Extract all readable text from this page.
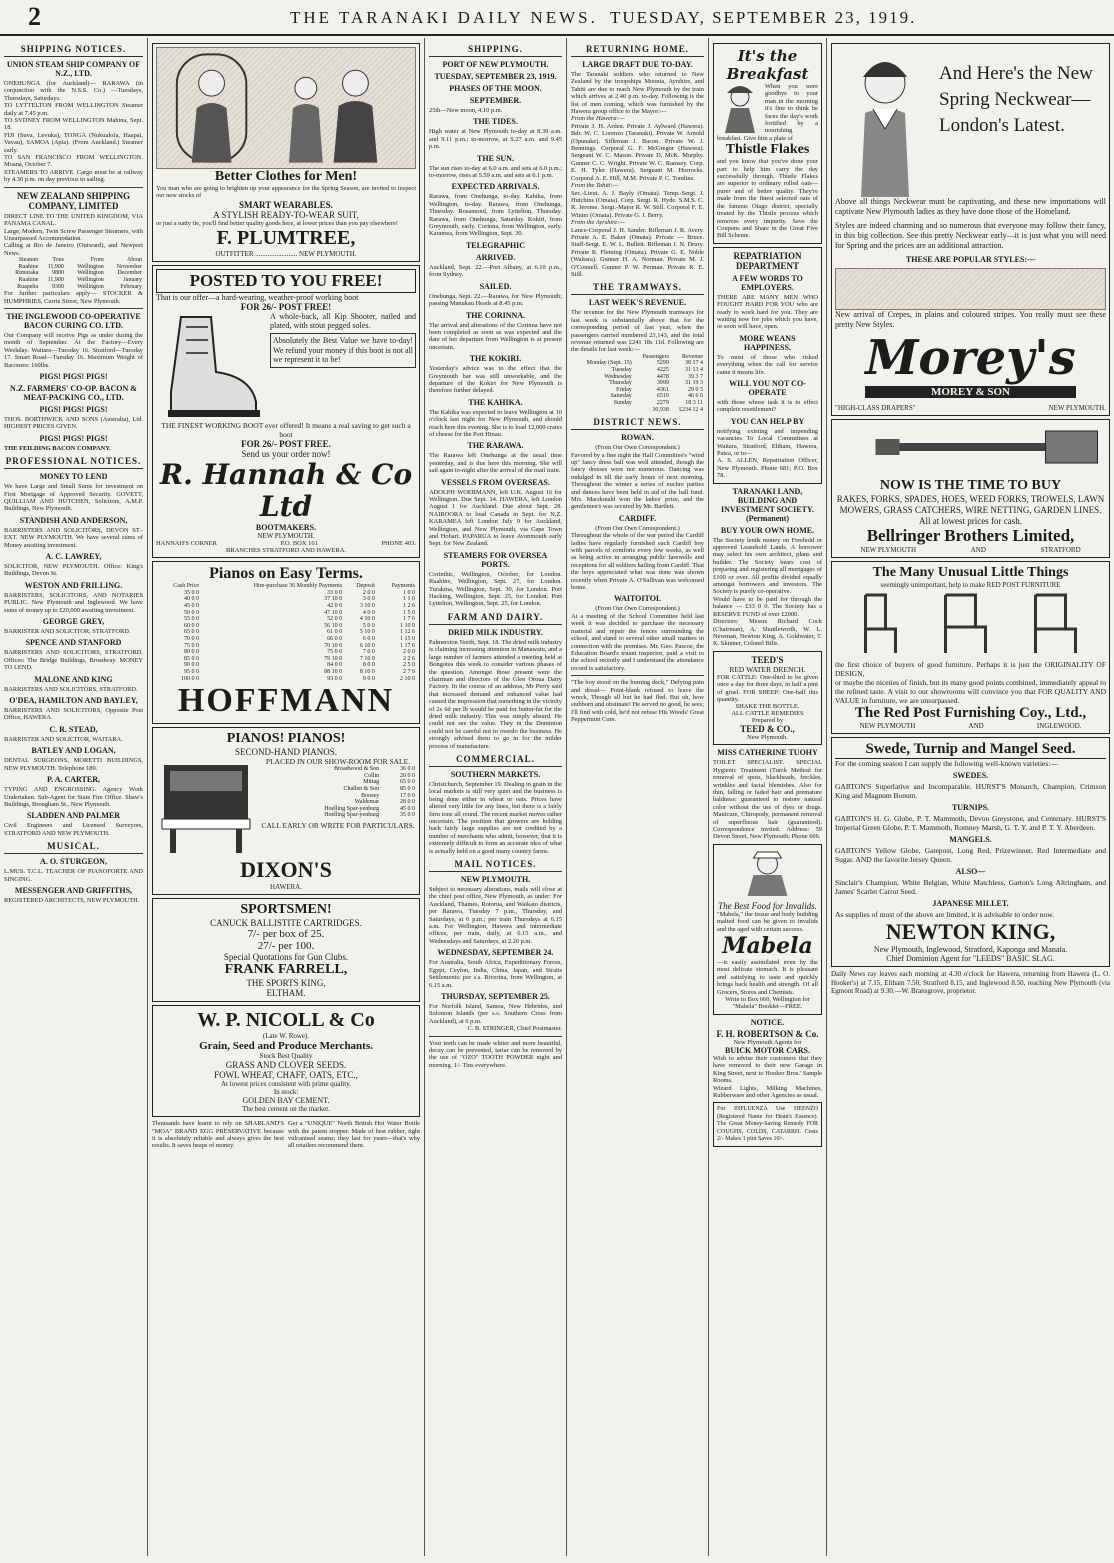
2	THE TARANAKI DAILY NEWS. TUESDAY, SEPTEMBER 23, 1919.
SHIPPING NOTICES.
UNION STEAM SHIP COMPANY OF N.Z., LTD.
ONEHUNGA (for Auckland)— RARAWA (in conjunction with the N.S.S. Co.) —Tuesdays, Thursdays, Saturdays.
TO LYTTELTON FROM WELLINGTON Steamer daily at 7.45 p.m.
TO SYDNEY FROM WELLINGTON Mahina, Sept. 18.
FIJI (Suva, Levuka), TONGA (Nukualofa, Haapai, Vavau), SAMOA (Apia). (From Auckland.) Steamer early.
TO SAN FRANCISCO FROM WELLINGTON. Moana, October 7.
STEAMERS TO ARRIVE. Cargo must be at railway by 4.30 p.m. on day previous to sailing.
NEW ZEALAND SHIPPING COMPANY, LIMITED
DIRECT LINE TO THE UNITED KINGDOM, VIA PANAMA CANAL.
Large, Modern, Twin Screw Passenger Steamers, with Unsurpassed Accommodation.
Calling at Rio de Janeiro (Outward), and Newport News.
Steamer	Tons	From	About
Ruahine	11,900	Wellington	November
Rimutaka	9800	Wellington	December
Ruahine	11,900	Wellington	January
Ruapehu	9300	Wellington	February
For further particulars apply— STOCKER & HUMPHRIES, Currie Street, New Plymouth.
THE INGLEWOOD CO-OPERATIVE BACON CURING CO. LTD.
Our Company will receive Pigs as under during the month of September. At the Factory—Every Weekday. Waitara—Tuesday 16. Stratford—Tuesday 17. Smart Road—Tuesday 16. Maximum Weight of Baconers: 160lbs.
PIGS! PIGS! PIGS!
N.Z. FARMERS' CO-OP. BACON & MEAT-PACKING CO., LTD.
PIGS! PIGS! PIGS!
THOS. BORTHWICK AND SONS (Australia), Ltd. HIGHEST PRICES GIVEN.
PIGS! PIGS! PIGS!
THE FEILDING BACON COMPANY.
PROFESSIONAL NOTICES.
MONEY TO LEND
We have Large and Small Sums for investment on First Mortgage of Approved Security. GOVETT, QUILLIAM AND HUTCHEN, Solicitors, A.M.P. Buildings, New Plymouth.
STANDISH AND ANDERSON,
BARRISTERS AND SOLICITORS, DEVON ST.-EXT. NEW PLYMOUTH. We have several sums of Money awaiting investment.
A. C. LAWREY,
SOLICITOR, NEW PLYMOUTH. Office: King's Buildings, Devon St.
WESTON AND FRILLING.
BARRISTERS, SOLICITORS, AND NOTARIES PUBLIC. New Plymouth and Inglewood. We have sums of money up to £20,000 awaiting investment.
GEORGE GREY,
BARRISTER AND SOLICITOR, STRATFORD.
SPENCE AND STANFORD
BARRISTERS AND SOLICITORS, STRATFORD. Offices: The Bridge Buildings, Broadway. MONEY TO LEND.
MALONE AND KING
BARRISTERS AND SOLICITORS, STRATFORD.
O'DEA, HAMILTON AND BAYLEY,
BARRISTERS AND SOLICITORS, Opposite Post Office, HAWERA.
C. R. STEAD,
BARRISTER AND SOLICITOR, WAITARA.
BATLEY AND LOGAN,
DENTAL SURGEONS, MORETTI BUILDINGS, NEW PLYMOUTH. Telephone 189.
P. A. CARTER,
TYPING AND ENGROSSING. Agency Work Undertaken. Sub-Agent for State Fire Office. Shaw's Buildings, Brougham St., New Plymouth.
SLADDEN AND PALMER
Civil Engineers and Licensed Surveyors, STRATFORD AND NEW PLYMOUTH.
MUSICAL.
A. O. STURGEON,
L.MUS. T.C.L. TEACHER OF PIANOFORTE AND SINGING.
MESSENGER AND GRIFFITHS,
REGISTERED ARCHITECTS, NEW PLYMOUTH.
Better Clothes for Men!
You man who are going to brighten up your appearance for the Spring Season, are invited to inspect our new stocks of
SMART WEARABLES.
A STYLISH READY-TO-WEAR SUIT,
or just a natty tie, you'll find better quality goods here, at lower prices than you pay elsewhere!
F. PLUMTREE,
OUTFITTER ........................ NEW PLYMOUTH.
POSTED TO YOU FREE!
That is our offer—a hard-wearing, weather-proof working boot
FOR 26/- POST FREE!
A whole-back, all Kip Shooter, nailed and plated, with stout pegged soles.
Absolutely the Best Value we have to-day! We refund your money if this boot is not all we represent it to be!
THE FINEST WORKING BOOT ever offered! It means a real saving to get such a boot
FOR 26/- POST FREE.
Send us your order now!
R. Hannah & Co Ltd
BOOTMAKERS.
NEW PLYMOUTH.
HANNAH'S CORNER	P.O. BOX 161	PHONE 403.
BRANCHES STRATFORD AND HAWERA.
Pianos on Easy Terms.
Cash Price	Hire-purchase 36 Monthly Payments	Deposit	Payments
35 0 0	33 0 0	2 0 0	1 0 0
40 0 0	37 10 0	3 0 0	1 1 0
45 0 0	42 0 0	3 10 0	1 2 6
50 0 0	47 10 0	4 0 0	1 5 0
55 0 0	52 0 0	4 10 0	1 7 6
60 0 0	56 10 0	5 0 0	1 10 0
65 0 0	61 0 0	5 10 0	1 12 6
70 0 0	66 0 0	6 0 0	1 15 0
75 0 0	70 10 0	6 10 0	1 17 6
80 0 0	75 0 0	7 0 0	2 0 0
85 0 0	79 10 0	7 10 0	2 2 6
90 0 0	84 0 0	8 0 0	2 5 0
95 0 0	88 10 0	8 10 0	2 7 6
100 0 0	93 0 0	9 0 0	2 10 0
HOFFMANN
PIANOS! PIANOS!
SECOND-HAND PIANOS.
PLACED IN OUR SHOW-ROOM FOR SALE.
Broadwood & Son	36 0 0
Collin	20 0 0
Mittag	65 0 0
Challen & Son	85 0 0
Boosey	17 0 0
Waldemar	28 0 0
Hoelling Spar-yenburg	45 0 0
Hoelling Spar-yenburg	35 0 0
CALL EARLY OR WRITE FOR PARTICULARS.
DIXON'S
HAWERA.
SPORTSMEN!
CANUCK BALLISTITE CARTRIDGES.
7/- per box of 25.
27/- per 100.
Special Quotations for Gun Clubs.
FRANK FARRELL,
THE SPORTS KING,
ELTHAM.
W. P. NICOLL & Co
(Late W. Rowe).
Grain, Seed and Produce Merchants.
Stock Best Quality
GRASS AND CLOVER SEEDS.
FOWL WHEAT, CHAFF, OATS, ETC.,
At lowest prices consistent with prime quality.
In stock:
GOLDEN BAY CEMENT.
The best cement on the market.
Thousands have learnt to rely on SHARLAND'S "MOA" BRAND EGG PRESERVATIVE because it is absolutely reliable and always gives the best results. It saves heaps of money.
Get a "UNIQUE" North British Hot Water Bottle with the patent stopper. Made of best rubber, tight vulcanised seams; they last for years—that's why all retailers recommend them.
SHIPPING.
PORT OF NEW PLYMOUTH.
TUESDAY, SEPTEMBER 23, 1919.
PHASES OF THE MOON.
SEPTEMBER.
25th—New moon, 4.10 p.m.
THE TIDES.
High water at New Plymouth to-day at 8.39 a.m. and 9.11 p.m.; to-morrow, at 9.27 a.m. and 9.45 p.m.
THE SUN.
The sun rises to-day at 6.0 a.m. and sets at 6.0 p.m.; to-morrow, rises at 5.59 a.m. and sets at 6.1 p.m.
EXPECTED ARRIVALS.
Rarawa, from Onehunga, to-day. Kahika, from Wellington, to-day. Rarawa, from Onehunga, Thursday. Rosamond, from Lyttelton, Thursday. Rarawa, from Onehunga, Saturday. Kokiri, from Greymouth, early. Corinna, from Wellington, early. Karamea, from Wellington, Sept. 30.
TELEGRAPHIC
ARRIVED.
Auckland, Sept. 22.—Port Albany, at 6.10 p.m., from Sydney.
SAILED.
Onehunga, Sept. 22.—Rarawa, for New Plymouth; passing Manukau Heads at 8.45 p.m.
THE CORINNA.
The arrival and alterations of the Corinna have not been completed as soon as was expected and the date of her departure from Wellington is at present uncertain.
THE KOKIRI.
Yesterday's advice was to the effect that the Greymouth bar was still unworkable, and the departure of the Kokiri for New Plymouth is therefore further delayed.
THE KAHIKA.
The Kahika was expected to leave Wellington at 10 o'clock last night for New Plymouth, and should reach here this evening. She is to load 12,000 crates of cheese for the Port Hinau.
THE RARAWA.
The Rarawa left Onehunga at the usual time yesterday, and is due here this morning. She will sail again to-night after the arrival of the mail train.
VESSELS FROM OVERSEAS.
ADOLPH WOERMANN, left U.K. August 16 for Wellington. Due Sept. 14. HAWERA, left London August 1 for Auckland. Due about Sept. 28. NAIROORA to load Canada in Sept. for N.Z. KARAMEA left London July 9 for Auckland, Wellington, and New Plymouth, via Cape Town and Hobart. PAPARUA to leave Avonmouth early Sept. for New Zealand.
STEAMERS FOR OVERSEA PORTS.
Corinthic, Wellington, October, for London. Ruahine, Wellington, Sept. 27, for London. Turakina, Wellington, Sept. 30, for London. Port Hacking, Wellington, Sept. 25, for London. Port Lyttelton, Wellington, Sept. 25, for London.
FARM AND DAIRY.
DRIED MILK INDUSTRY.
Palmerston North, Sept. 18. The dried milk industry is claiming increasing attention in Manawatu, and a large number of farmers attended a meeting held at Bongotea this week to consider various phases of the question. Amongst those present were the chairman and directors of the Glen Oroua Dairy Factory. In the course of an address, Mr Perry said that increased demand and enhanced value had caused the impression that something in the vicinity of 2s 6d per lb would be paid for butter-fat for the dried milk industry. This was simply absurd. He could not see the value. They in the Dominion could not be careful not to overdo the business. He strongly advised them to go in for the milder process of manufacture.
COMMERCIAL.
SOUTHERN MARKETS.
Christchurch, September 19. Dealing in grain in the local markets is still very quiet and the business is being done either in wheat or oats. Prices have altered very little for any lines, but there is a fairly firm tone all round. The recent market moves rather uncertain. The position that growers are holding back fairly large supplies are not credited by a number of merchants who admit, however, that it is extremely difficult to form an accurate idea of what is actually held on a good many country farms.
MAIL NOTICES.
NEW PLYMOUTH.
Subject to necessary alterations, mails will close at the chief post office, New Plymouth, as under: For Auckland, Thames, Rotorua, and Waikato districts, per Rarawa, Tuesday 7 p.m., Thursday, and Saturdays, at 6 p.m.; per train Thursdays at 6.15 a.m. For Wellington, Hawera and intermediate offices, per train, daily, at 6.15 a.m., and Wednesdays and Saturdays, at 2.20 p.m.
WEDNESDAY, SEPTEMBER 24.
For Australia, South Africa, Expeditionary Forces, Egypt, Ceylon, India, China, Japan, and Straits Settlements: per s.s. Riverina, from Wellington, at 6.15 a.m.
THURSDAY, SEPTEMBER 25.
For Norfolk Island, Samoa, New Hebrides, and Solomon Islands (per s.s. Southern Cross from Auckland), at 6 p.m.
C. B. STRINGER, Chief Postmaster.
Your teeth can be made whiter and more beautiful, decay can be prevented, tartar can be removed by the use of "OZO" TOOTH POWDER night and morning. 1/- Tins everywhere.
RETURNING HOME.
LARGE DRAFT DUE TO-DAY.
The Taranaki soldiers who returned to New Zealand by the troopships Moonta, Ayrshire, and Tahiti are due to reach New Plymouth by the train which arrives at 2.40 p.m. to-day. Following is the list of men coming, which was furnished by the Hawera group office to the Mayor:—
From the Hawera:—
Private J. H. Arden. Private J. Aylward (Hawera). Bdr. W. C. Lorenzo (Taranaki). Private W. Arnold (Opunake). Sifleman J. Bacon. Private W. J. Bennings. Corporal G. F. McGregor (Hawera). Sergeant W. C. Mason. Private D. McK. Murphy. Gunner C. C. Wright. Private W. C. Ramsey. Corp. E. H. Tyler (Hawera). Sergeant M. Horrocks. Corporal A. E. Hill, M.M. Private P. C. Tomlins.
From the Tahiti:—
Sec.-Lieut. A. J. Bayly (Omata). Temp.-Sergt. J. Hutchins (Omata). Corp. Sergt. R. Hyde. S.M.S. C. R. Jerome. Sergt.-Major R. W. Still. Corporal F. E. Winter (Omata). Private G. J. Berry.
From the Ayrshire:—
Lance-Corporal J. H. Sander. Rifleman J. R. Avery. Private A. E. Baker (Omata). Private — Bruce. Staff-Sergt. E. W. L. Bullett. Rifleman J. N. Drury. Private R. Fleming (Omata). Private G. E. Noble (Waitara). Gunner H. A. Norman. Private M. J. O'Connell. Gunner P. W. Perman. Private R. E. Still.
THE TRAMWAYS.
LAST WEEK'S REVENUE.
The revenue for the New Plymouth tramways for last week is substantially above that for the corresponding period of last year, when the passengers carried numbered 23,143, and the total revenue returned was £241 18s 11d. Following are the details for last week:—
	Passengers	Revenue
Monday (Sept. 15)	5299	38 17 4
Tuesday	4225	31 13 4
Wednesday	4478	39 3 7
Thursday	3999	31 19 3
Friday	4361	29 0 5
Saturday	6510	46 6 6
Sunday	2279	18 3 11
	30,938	£234 12 4
DISTRICT NEWS.
ROWAN.
(From Our Own Correspondent.)
Favored by a fine night the Hall Committee's "wind up" fancy dress ball was well attended, though the fancy dresses were not numerous. Dancing was indulged in till the early hours of next morning. Throughout the winter a series of euchre parties and dances have been held in aid of the hall fund. Mrs. Macdonald won the ladies' prize, and the gentlemen's was secured by Mr. Bartlett.
CARDIFF.
(From Our Own Correspondent.)
Throughout the whole of the war period the Cardiff ladies have regularly furnished each Cardiff boy with parcels of comforts every few weeks, as well as being active in arranging public farewells and receptions for all soldiers hailing from Cardiff. That the boys appreciated what was done was shown recently when Private A. O'Sullivan was welcomed home.
WAITOITOI.
(From Our Own Correspondent.)
At a meeting of the School Committee held last week it was decided to purchase the necessary material and repair the fences surrounding the school, and stand to several other small matters in connection with the premises. Mr. Geo. Pascoe, the Education Board's truant inspector, paid a visit to the school recently and I understand the attendance record is satisfactory.
"The boy stood on the burning deck," Defying pain and dread— Point-blank refused to leave the wreck, Though all but he had fled. But oh, how stubborn and obstinate! He served no good, he sees; I'll find with cold, he'd not refuse His Woods' Great Peppermint Cure.
It's the Breakfast
When you were goodbye to your man in the morning it's fine to think he faces the day's work fortified by a nourishing breakfast. Give him a plate of
Thistle Flakes
and you know that you've done your part to help him carry the day successfully through. Thistle Flakes are superior to ordinary rolled oats—purer and of better quality. They're made from the finest selected oats of the famous Otago district, specially treated by the Thistle process which removes every impurity. Save the Coupons and Share in the Great Five Bill Scheme.
REPATRIATION DEPARTMENT
A FEW WORDS TO EMPLOYERS.
THERE ARE MANY MEN WHO FOUGHT HARD FOR YOU who are ready to work hard for you. They are waiting now for jobs which you have, or soon will have, open.
MORE WEANS HAPPINESS.
To most of those who risked everything when the call for service came it means life.
WILL YOU NOT CO-OPERATE
with those whose task it is to effect complete resettlement?
YOU CAN HELP BY
notifying existing and impending vacancies To Local Committees at Waitara, Stratford, Eltham, Hawera, Patea, or to—
A. S. ALLEN, Repatriation Officer, New Plymouth. Phone 681; P.O. Box 78.
TARANAKI LAND, BUILDING AND INVESTMENT SOCIETY. (Permanent)
BUY YOUR OWN HOME.
The Society lends money on Freehold or approved Leasehold Lands. A borrower may select his own architect, plans and builder. The Society bears cost of preparing and registering all mortgages of £100 or over. All profits divided equally amongst borrowers and investors. The Society is purely co-operative.
Would have to be paid for through the balance — £33 0 0. The Society has a RESERVE FUND of over £2000.
Directors: Messrs Richard Cock (Chairman), A. Shuttleworth, W. L. Newman, Newton King, A. Goldwater, T. K. Skinner, Colonel Bilis.
TEED'S
RED WATER DRENCH.
FOR CATTLE: One-third to be given once a day for three days, in half a pint of gruel. FOR SHEEP: One-half this quantity.
SHAKE THE BOTTLE.
ALL CATTLE REMEDIES
Prepared by
TEED & CO.,
New Plymouth.
MISS CATHERINE TUOHY
TOILET SPECIALIST. SPECIAL Hygienic Treatment (Turck Method for removal of spots, blackheads, freckles, wrinkles and facial blemishes. Also for thin, falling or faded hair and premature baldness: guaranteed to restore natural color without the use of dyes or drugs. Manicure, Chiropody, permanent removal of superfluous hair (guaranteed). Correspondence invited. Address: 59 Devon Street, New Plymouth; Phone 606.
The Best Food for Invalids.
"Mabela," the tissue and body building malted food can be given to invalids and the aged with certain success.
Mabela
—is easily assimilated even by the most delicate stomach. It is pleasant and satisfying to taste and quickly brings back health and strength. Of all Grocers, Stores and Chemists.
Write to Box 660, Wellington for "Mabela" Booklet—FREE.
NOTICE.
F. H. ROBERTSON & Co.
New Plymouth Agents for
BUICK MOTOR CARS.
Wish to advise their customers that they have removed to their new Garage in King Street, next to Hooker Bros.' Sample Rooms.
Wizard Lights, Milking Machines, Rubberware and other Agencies as usual.
For INFLUENZA Use HEENZO (Registered Name for Hean's Essence). The Great Money-Saving Remedy FOR COUGHS, COLDS, CATARRH. Costs 2/- Makes 1 pint Saves 10/-.
And Here's the New Spring Neckwear— London's Latest.
Above all things Neckwear must be captivating, and these new importations will captivate New Plymouth ladies as they have done those of the Homeland.
Styles are indeed charming and so numerous that everyone may follow their fancy, in this big collection. See this pretty Neckwear early—it is just what you will need for Spring and the prices are an additional attraction.
THESE ARE POPULAR STYLES:—
New arrival of Crepes, in plains and coloured stripes. You really must see these pretty New Styles.
Morey's
MOREY & SON
"HIGH-CLASS DRAPERS"	NEW PLYMOUTH.
NOW IS THE TIME TO BUY
RAKES, FORKS, SPADES, HOES, WEED FORKS, TROWELS, LAWN MOWERS, GRASS CATCHERS, WIRE NETTING, GARDEN LINES.
All at lowest prices for cash.
Bellringer Brothers Limited,
NEW PLYMOUTH	AND	STRATFORD
The Many Unusual Little Things
seemingly unimportant, help to make RED POST FURNITURE
the first choice of buyers of good furniture. Perhaps it is just the ORIGINALITY OF DESIGN,
or maybe the niceties of finish, but its many good points combined, immediately appeal to the refined taste. A visit to our showrooms will convince you that FOR QUALITY AND VALUE in furniture, we are unsurpassed.
The Red Post Furnishing Coy., Ltd.,
NEW PLYMOUTH	AND	INGLEWOOD.
Swede, Turnip and Mangel Seed.
For the coming season I can supply the following well-known varieties:—
SWEDES.
GARTON'S Superlative and Incomparable. HURST'S Monarch, Champion, Crimson King and Magnum Bonum.
TURNIPS.
GARTON'S H. G. Globe, P. T. Mammoth, Devon Greystone, and Centenary. HURST'S Imperial Green Globe, P. T. Mammoth, Romney Marsh, G. T. Y. and P. T. Y. Aberdeen.
MANGELS.
GARTON'S Yellow Globe, Gatepost, Long Red, Prizewinner, Red Intermediate and Sugar. AND the favorite Jersey Queen.
ALSO—
Sinclair's Champion, White Belgian, White Matchless, Garton's Long Altringham, and James' Scarlet Carrot Seed.
JAPANESE MILLET.
As supplies of most of the above are limited, it is advisable to order now.
NEWTON KING,
New Plymouth, Inglewood, Stratford, Kaponga and Manaia.
Chief Dominion Agent for "LEEDS" BASIC SLAG.
Daily News ray leaves each morning at 4.30 o'clock for Hawera, returning from Hawera (L. O. Hooker's) at 7.15, Eltham 7.50, Stratford 8.15, and Inglewood 8.50, reaching New Plymouth (via Egmont Road) at 9.30.—W. Bransgrove, proprietor.
